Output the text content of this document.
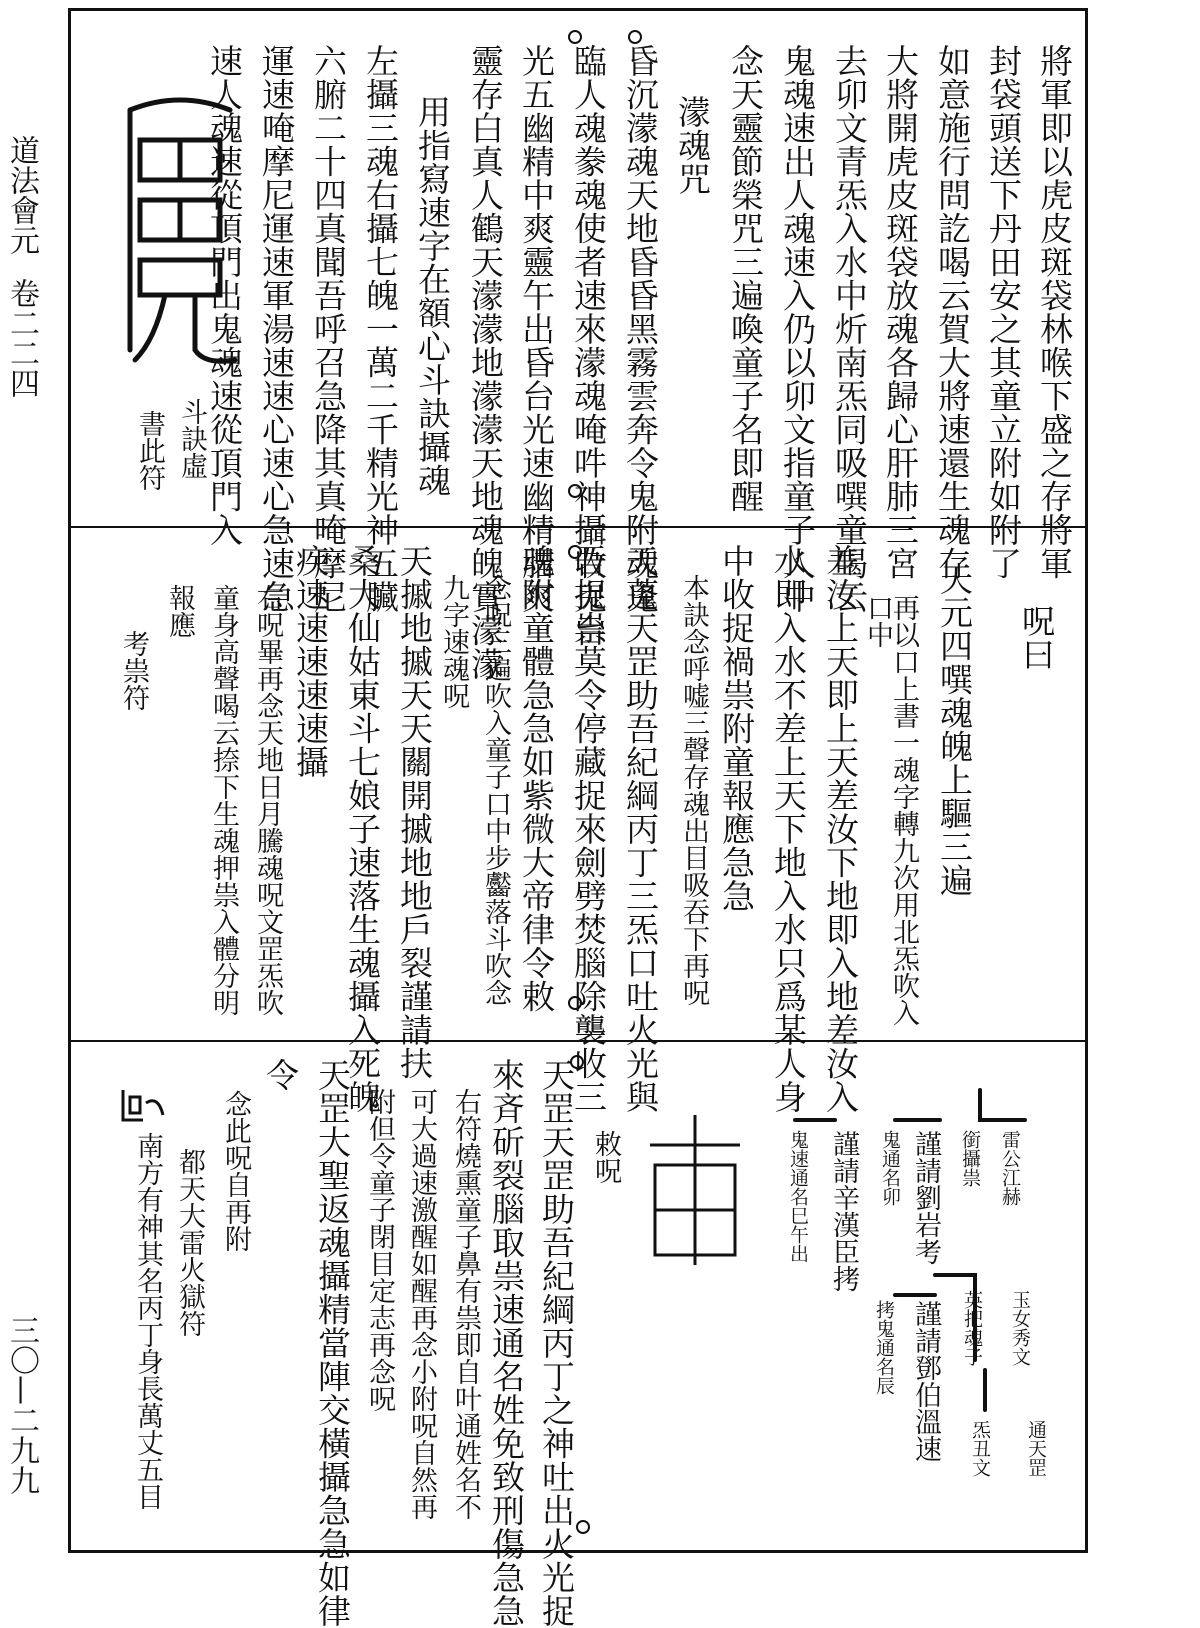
道法會元
卷二二四
三〇—二九九
將軍即以虎皮斑袋林喉下盛之存將軍
封袋頭送下丹田安之其童立附如附了
如意施行問訖喝云賀大將速還生魂存
大將開虎皮斑袋放魂各歸心肝肺三宮
去卯文青炁入水中炘南炁同吸噀童喝云
鬼魂速出人魂速入仍以卯文指童子人中
念天靈節榮咒三遍喚童子名即醒
濛魂咒
昏沉濛魂天地昏昏黑霧雲奔令鬼附魂鬼
臨人魂豢魂使者速來濛魂唵吽神攝收鬼台
光五幽精中爽靈午出昏台光速幽精腊爽
靈存白真人鶴天濛濛地濛濛天地魂魄實濛濛
用指寫速字在額心斗訣攝魂
左攝三魂右攝七魄一萬二千精光神五臟
六腑二十四真聞吾呼召急降其真唵摩尼
運速唵摩尼運速軍湯速速心速心急速急
速人魂速從頂門出鬼魂速從頂門入
斗訣虛
書此符
呪曰
天元四噀魂魄上驅三遍
再以口上書一魂字轉九次用北炁吹入
口中
差汝上天即上天差汝下地即入地差汝入
水即入水不差上天下地入水只爲某人身
中收捉禍祟附童報應急急
本訣念呼嘘三聲存魂出目吸吞下再呪
天蓬天罡助吾紀綱丙丁三炁口吐火光與
吾捉祟莫令停藏捉來劍劈焚腦除襲收三
魂附童體急急如紫微大帝律令敕
念呪三遍吹入童子口中步齾落斗吹念
九字速魂呪
天摵地摵天天關開摵地地戶裂謹請扶
桑大仙姑東斗七娘子速落生魂攝入死魄
疾速速速速速攝
右呪畢再念天地日月騰魂呪文罡炁吹
童身高聲喝云捺下生魂押祟入體分明
報應
考祟符
雷公江赫
銜攝祟
謹請劉岩考
鬼通名卯
謹請辛漢臣拷
鬼速通名巳午出
玉女秀文
英把魂子
謹請鄧伯溫速
拷鬼通名辰
通天罡
炁丑文
敕呪
天罡天罡助吾紀綱丙丁之神吐出火光捉
來斉斫裂腦取祟速通名姓免致刑傷急急
右符燒熏童子鼻有祟即自叶通姓名不
可大過速激醒如醒再念小附呪自然再
附但令童子閉目定志再念呪
天罡大聖返魂攝精當陣交橫攝急急如律
令
念此呪自再附
都天大雷火獄符
南方有神其名丙丁身長萬丈五目
